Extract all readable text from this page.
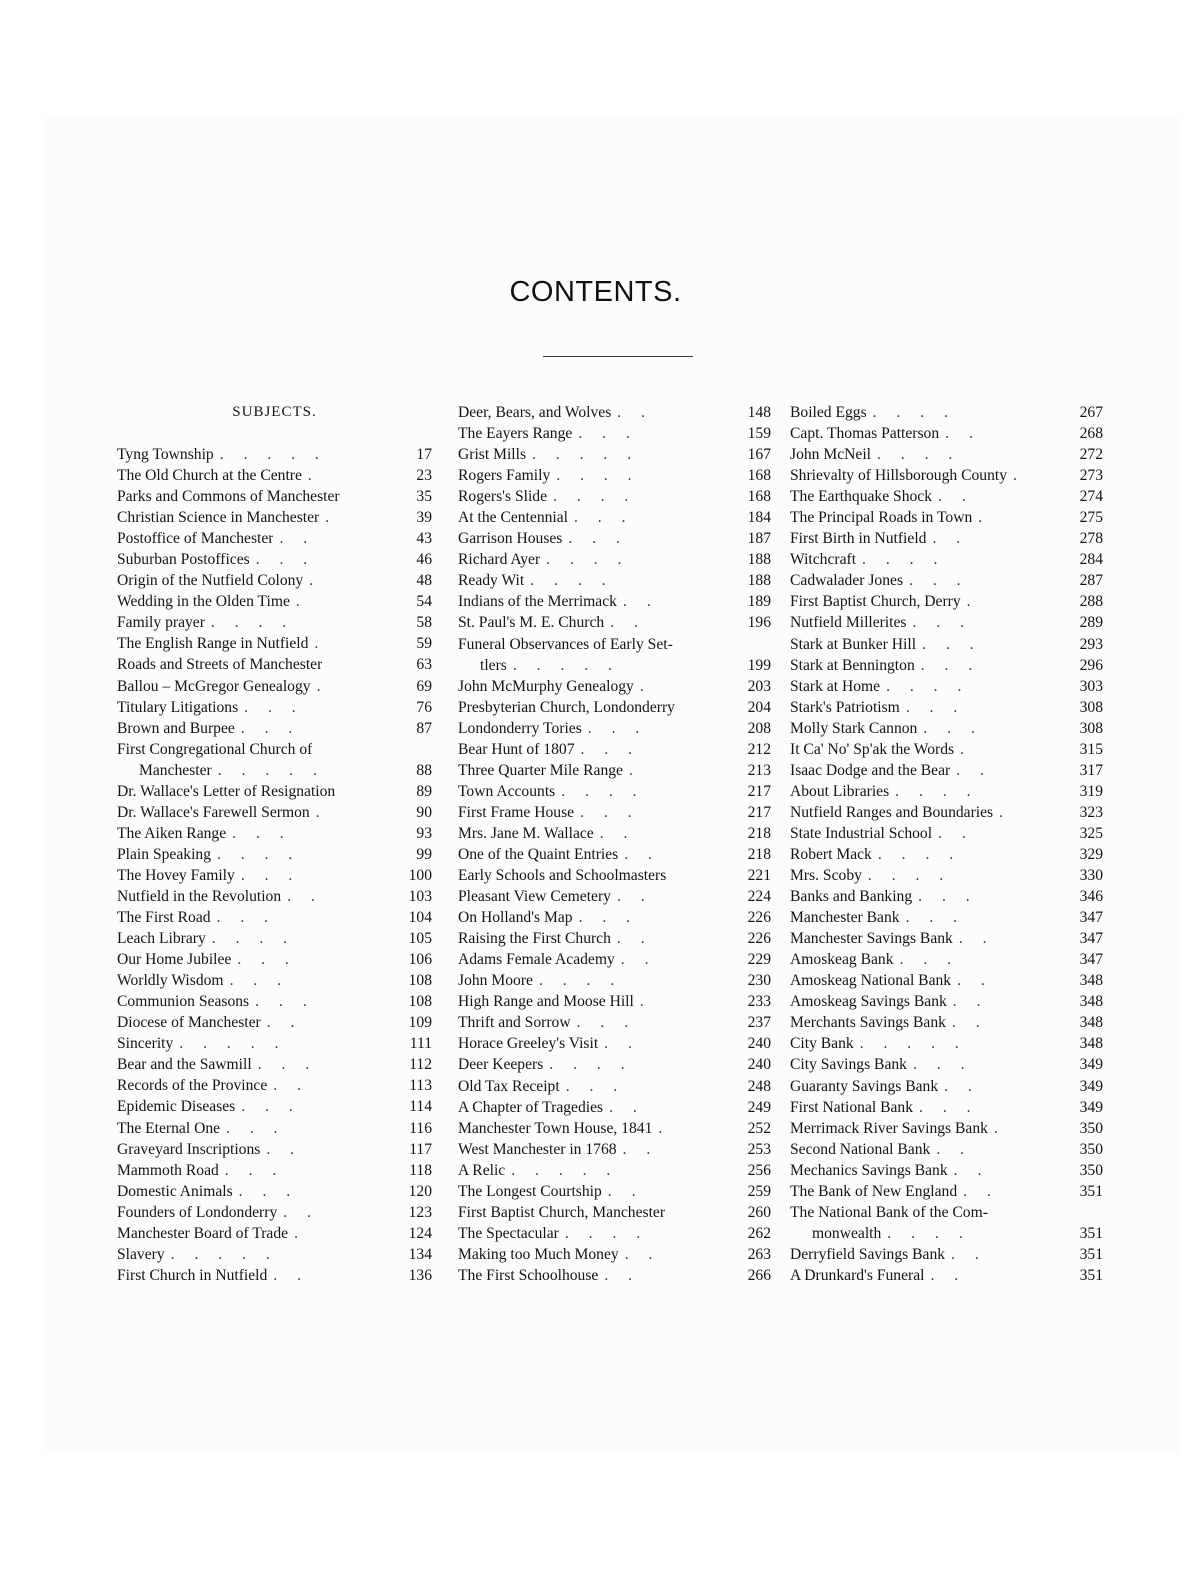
CONTENTS.
SUBJECTS.
Tyng Township . . . . .	17
The Old Church at the Centre .	23
Parks and Commons of Manchester	35
Christian Science in Manchester .	39
Postoffice of Manchester . .	43
Suburban Postoffices . . .	46
Origin of the Nutfield Colony .	48
Wedding in the Olden Time .	54
Family prayer . . . .	58
The English Range in Nutfield .	59
Roads and Streets of Manchester	63
Ballou – McGregor Genealogy .	69
Titulary Litigations . . .	76
Brown and Burpee . . .	87
First Congregational Church of
Manchester . . . . .	88
Dr. Wallace's Letter of Resignation	89
Dr. Wallace's Farewell Sermon .	90
The Aiken Range . . .	93
Plain Speaking . . . .	99
The Hovey Family . . .	100
Nutfield in the Revolution . .	103
The First Road . . .	104
Leach Library . . . .	105
Our Home Jubilee . . .	106
Worldly Wisdom . . .	108
Communion Seasons . . .	108
Diocese of Manchester . .	109
Sincerity . . . . .	111
Bear and the Sawmill . . .	112
Records of the Province . .	113
Epidemic Diseases . . .	114
The Eternal One . . .	116
Graveyard Inscriptions . .	117
Mammoth Road . . .	118
Domestic Animals . . .	120
Founders of Londonderry . .	123
Manchester Board of Trade .	124
Slavery . . . . .	134
First Church in Nutfield . .	136
Deer, Bears, and Wolves . .	148
The Eayers Range . . .	159
Grist Mills . . . . .	167
Rogers Family . . . .	168
Rogers's Slide . . . .	168
At the Centennial . . .	184
Garrison Houses . . .	187
Richard Ayer . . . .	188
Ready Wit . . . .	188
Indians of the Merrimack . .	189
St. Paul's M. E. Church . .	196
Funeral Observances of Early Set-
tlers . . . . .	199
John McMurphy Genealogy .	203
Presbyterian Church, Londonderry	204
Londonderry Tories . . .	208
Bear Hunt of 1807 . . .	212
Three Quarter Mile Range .	213
Town Accounts . . . .	217
First Frame House . . .	217
Mrs. Jane M. Wallace . .	218
One of the Quaint Entries . .	218
Early Schools and Schoolmasters	221
Pleasant View Cemetery . .	224
On Holland's Map . . .	226
Raising the First Church . .	226
Adams Female Academy . .	229
John Moore . . . .	230
High Range and Moose Hill .	233
Thrift and Sorrow . . .	237
Horace Greeley's Visit . .	240
Deer Keepers . . . .	240
Old Tax Receipt . . .	248
A Chapter of Tragedies . .	249
Manchester Town House, 1841 .	252
West Manchester in 1768 . .	253
A Relic . . . . .	256
The Longest Courtship . .	259
First Baptist Church, Manchester	260
The Spectacular . . . .	262
Making too Much Money . .	263
The First Schoolhouse . .	266
Boiled Eggs . . . .	267
Capt. Thomas Patterson . .	268
John McNeil . . . .	272
Shrievalty of Hillsborough County .	273
The Earthquake Shock . .	274
The Principal Roads in Town .	275
First Birth in Nutfield . .	278
Witchcraft . . . .	284
Cadwalader Jones . . .	287
First Baptist Church, Derry .	288
Nutfield Millerites . . .	289
Stark at Bunker Hill . . .	293
Stark at Bennington . . .	296
Stark at Home . . . .	303
Stark's Patriotism . . .	308
Molly Stark Cannon . . .	308
It Ca' No' Sp'ak the Words .	315
Isaac Dodge and the Bear . .	317
About Libraries . . . .	319
Nutfield Ranges and Boundaries .	323
State Industrial School . .	325
Robert Mack . . . .	329
Mrs. Scoby . . . .	330
Banks and Banking . . .	346
Manchester Bank . . .	347
Manchester Savings Bank . .	347
Amoskeag Bank . . .	347
Amoskeag National Bank . .	348
Amoskeag Savings Bank . .	348
Merchants Savings Bank . .	348
City Bank . . . . .	348
City Savings Bank . . .	349
Guaranty Savings Bank . .	349
First National Bank . . .	349
Merrimack River Savings Bank .	350
Second National Bank . .	350
Mechanics Savings Bank . .	350
The Bank of New England . .	351
The National Bank of the Com-
monwealth . . . .	351
Derryfield Savings Bank . .	351
A Drunkard's Funeral . .	351
